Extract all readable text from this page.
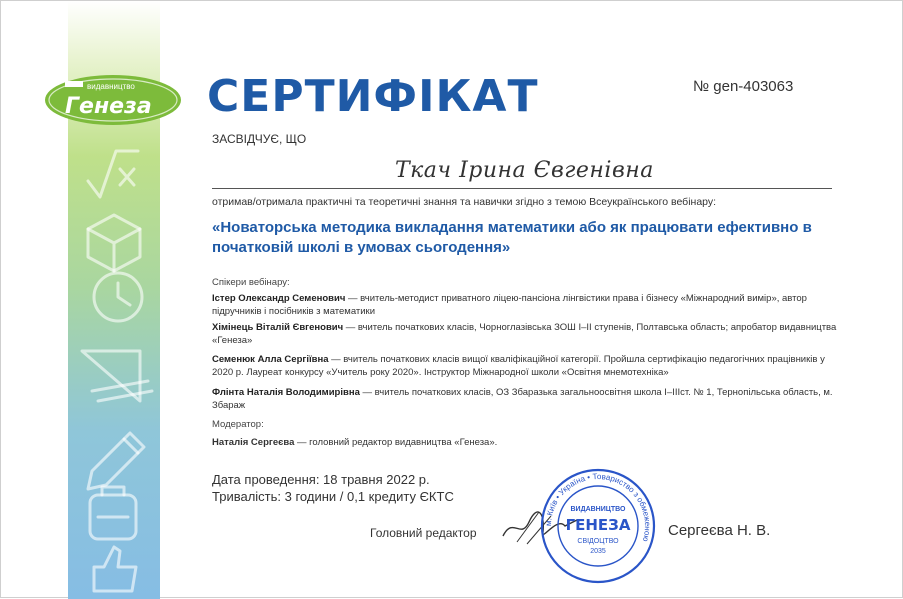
видавництво
Генеза СЕРТИФІКАТ	№ gen-403063
ЗАСВІДЧУЄ, ЩО
Ткач Ірина Євгенівна
отримав/отримала практичні та теоретичні знання та навички згідно з темою Всеукраїнського вебінару:
«Новаторська методика викладання математики або як працювати ефективно в початковій школі в умовах сьогодення»
Спікери вебінару:
Істер Олександр Семенович — вчитель-методист приватного ліцею-пансіона лінгвістики права і бізнесу «Міжнародний вимір», автор підручників і посібників з математики
Хімінець Віталій Євгенович — вчитель початкових класів, Чорноглазівська ЗОШ І–ІІ ступенів, Полтавська область; апробатор видавництва «Генеза»
Семенюк Алла Сергіївна — вчитель початкових класів вищої кваліфікаційної категорії. Пройшла сертифікацію педагогічних працівників у 2020 р. Лауреат конкурсу «Учитель року 2020». Інструктор Міжнародної школи «Освітня мнемотехніка»
Флінта Наталія Володимирівна — вчитель початкових класів, ОЗ Збаразька загальноосвітня школа І–ІІІст. № 1, Тернопільська область, м. Збараж
Модератор:
Наталія Сергеєва — головний редактор видавництва «Генеза».
Дата проведення: 18 травня 2022 р.
Тривалість: 3 години / 0,1 кредиту ЄКТС
Головний редактор
м. Київ • Україна • Товариство з обмеженою
ВИДАВНИЦТВО
ГЕНЕЗА
СВІДОЦТВО
2035
Сергеєва Н. В.
